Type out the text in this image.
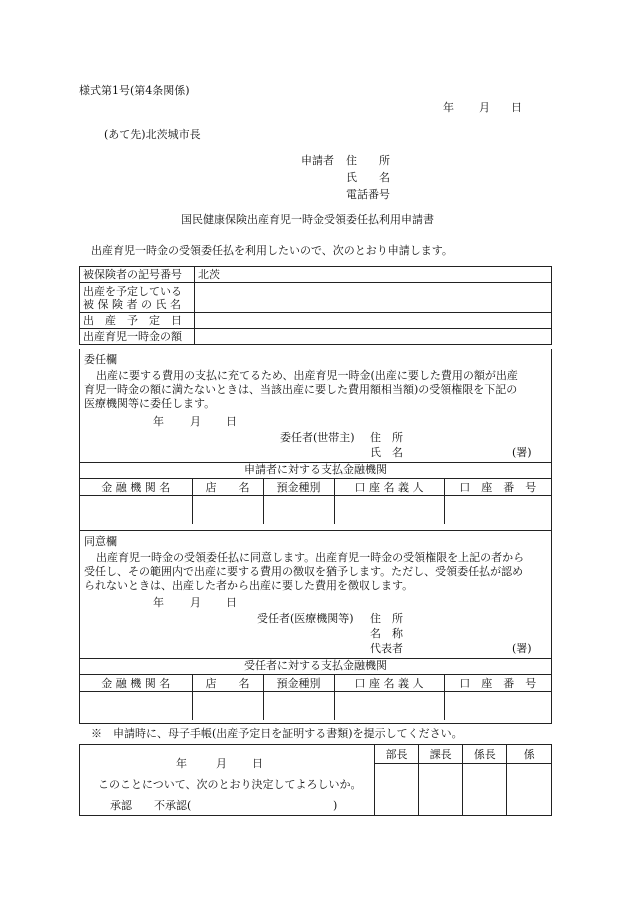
様式第1号(第4条関係)
年 月 日
(あて先)北茨城市長
申請者 住　　所
氏　　名
電話番号
国民健康保険出産育児一時金受領委任払利用申請書
出産育児一時金の受領委任払を利用したいので、次のとおり申請します。
被保険者の記号番号	北茨
出産を予定している
被 保 険 者 の 氏 名	
出　産　予　定　日	
出産育児一時金の額	
委任欄
出産に要する費用の支払に充てるため、出産育児一時金(出産に要した費用の額が出産
育児一時金の額に満たないときは、当該出産に要した費用額相当額)の受領権限を下記の
医療機関等に委任します。
年 月 日
委任者(世帯主) 住　所
氏　名	(署)
申請者に対する支払金融機関
金 融 機 関 名	店　　名	預金種別	口 座 名 義 人	口　座　番　号

同意欄
出産育児一時金の受領委任払に同意します。出産育児一時金の受領権限を上記の者から
受任し、その範囲内で出産に要する費用の徴収を猶予します。ただし、受領委任払が認め
られないときは、出産した者から出産に要した費用を徴収します。
年 月 日
受任者(医療機関等) 住　所
名　称
代表者	(署)
受任者に対する支払金融機関
金 融 機 関 名	店　　名	預金種別	口 座 名 義 人	口　座　番　号

※　申請時に、母子手帳(出産予定日を証明する書類)を提示してください。
年	月 日
このことについて、次のとおり決定してよろしいか。
承認 不承認(	)
部長	課長	係長	係
